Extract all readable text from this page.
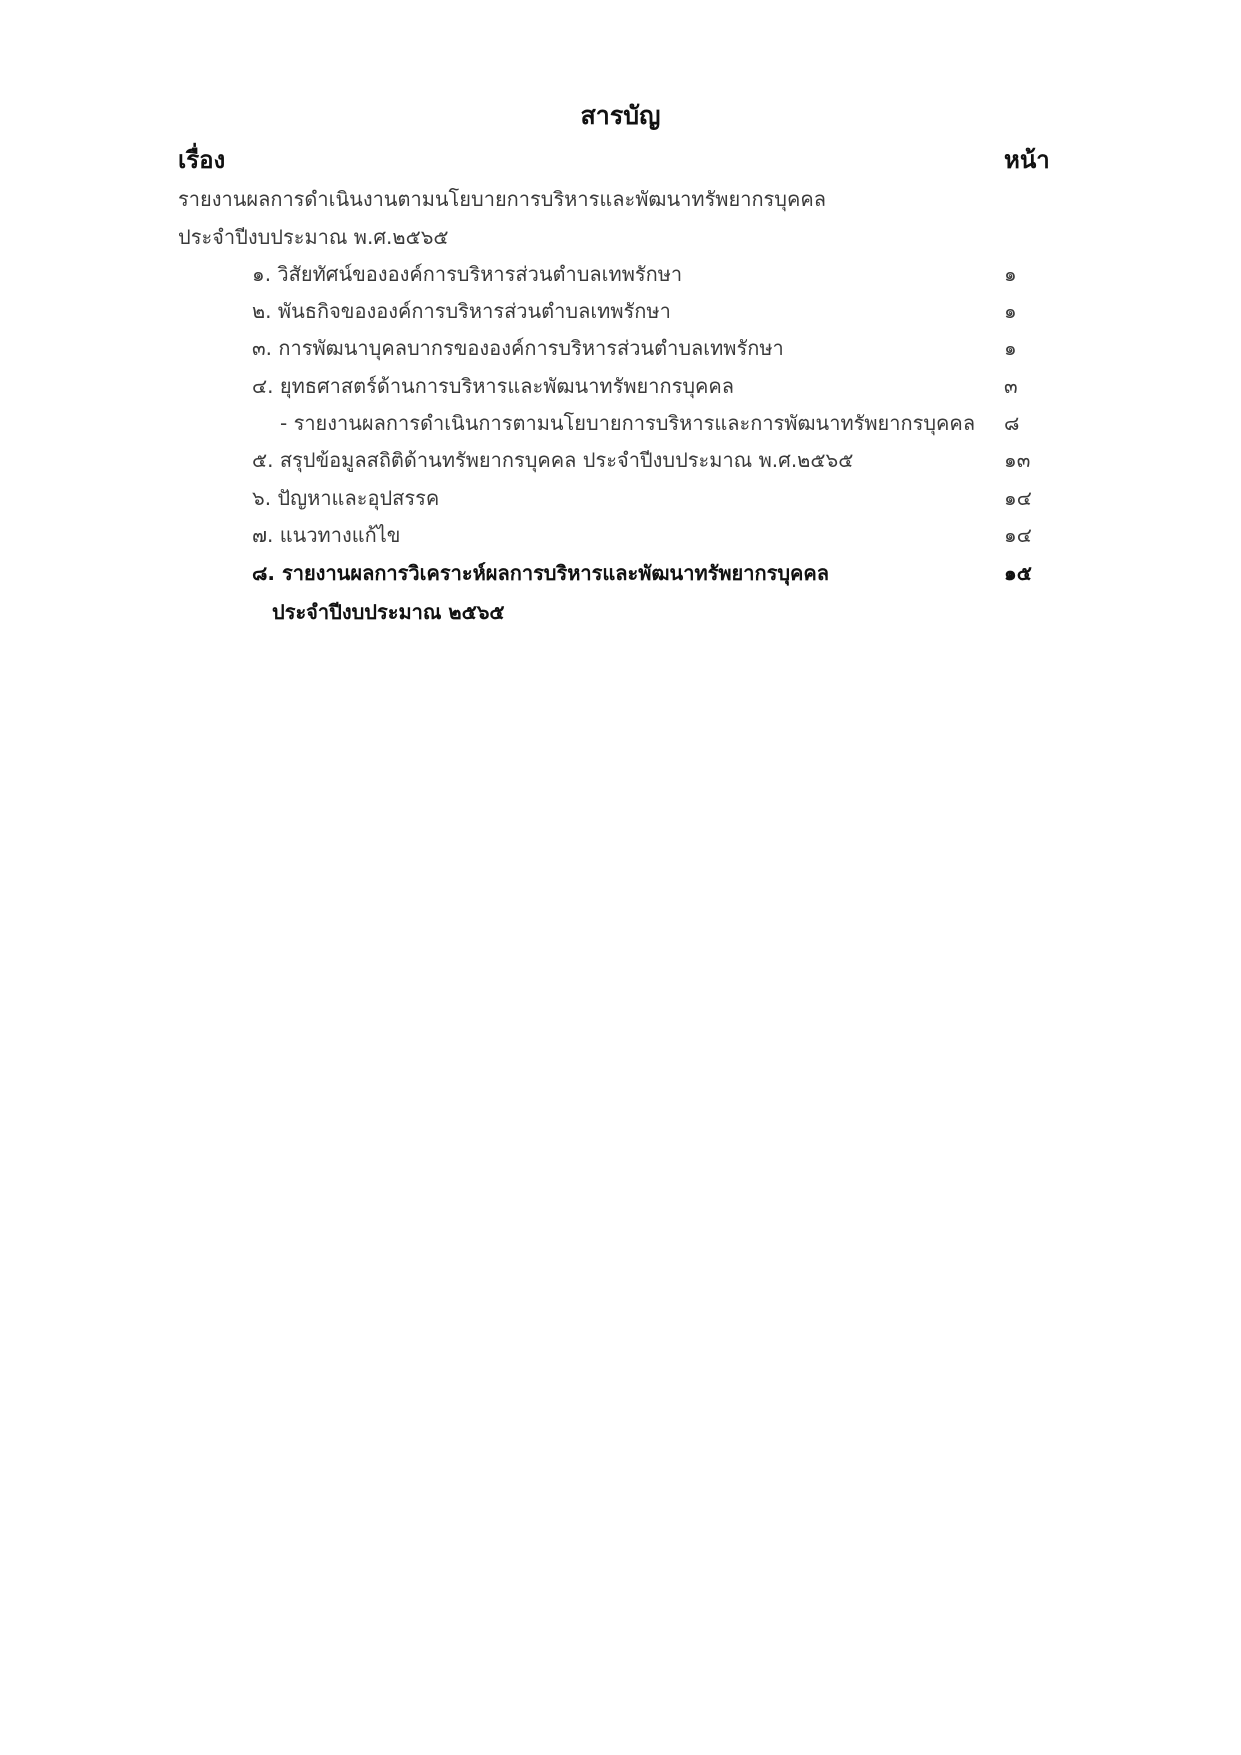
สารบัญ
เรื่อง	หน้า
รายงานผลการดำเนินงานตามนโยบายการบริหารและพัฒนาทรัพยากรบุคคล
ประจำปีงบประมาณ พ.ศ.๒๕๖๕
๑. วิสัยทัศน์ขององค์การบริหารส่วนตำบลเทพรักษา	๑
๒. พันธกิจขององค์การบริหารส่วนตำบลเทพรักษา	๑
๓. การพัฒนาบุคลบากรขององค์การบริหารส่วนตำบลเทพรักษา	๑
๔. ยุทธศาสตร์ด้านการบริหารและพัฒนาทรัพยากรบุคคล	๓
- รายงานผลการดำเนินการตามนโยบายการบริหารและการพัฒนาทรัพยากรบุคคล ๘
๕. สรุปข้อมูลสถิติด้านทรัพยากรบุคคล ประจำปีงบประมาณ พ.ศ.๒๕๖๕	๑๓
๖. ปัญหาและอุปสรรค	๑๔
๗. แนวทางแก้ไข	๑๔
๘. รายงานผลการวิเคราะห์ผลการบริหารและพัฒนาทรัพยากรบุคคล	๑๕
ประจำปีงบประมาณ ๒๕๖๕
